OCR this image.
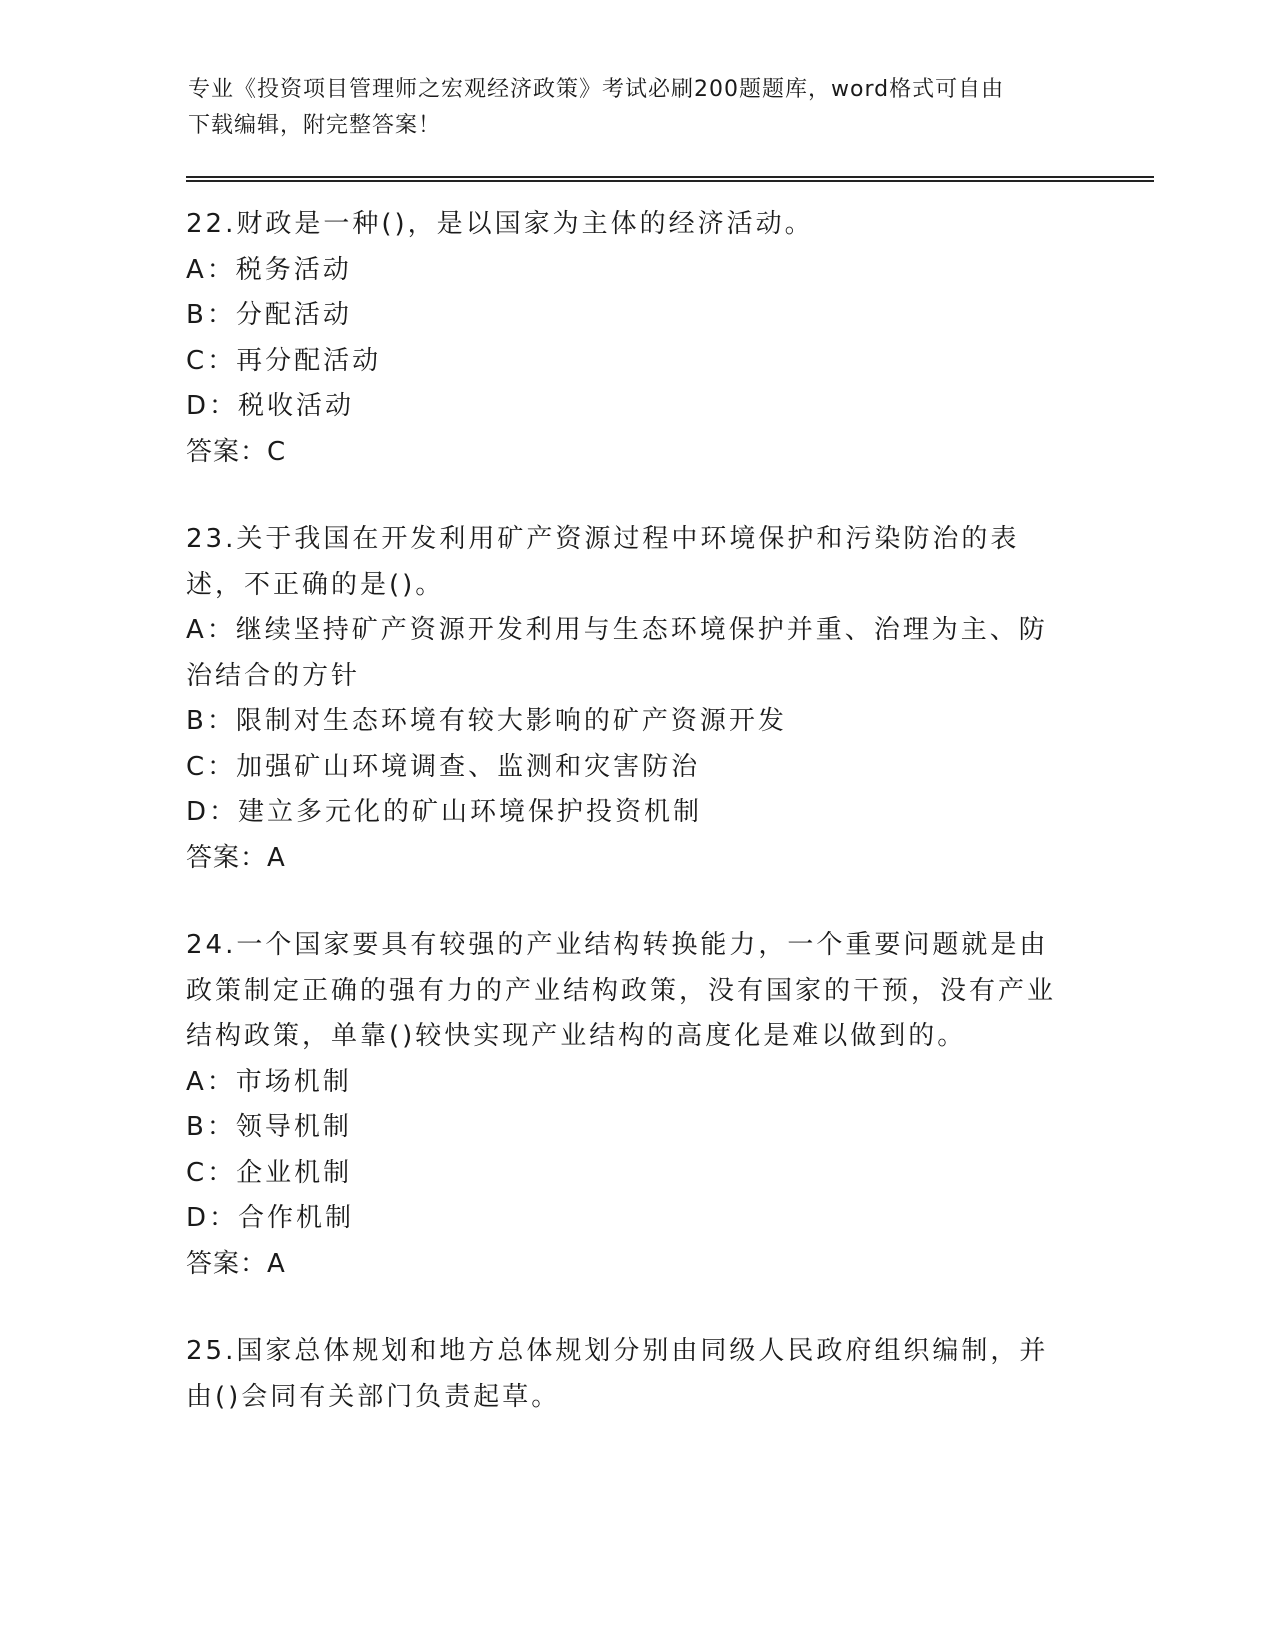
专业《投资项目管理师之宏观经济政策》考试必刷200题题库，word格式可自由
下载编辑，附完整答案！

22.财政是一种()，是以国家为主体的经济活动。

A：税务活动

B：分配活动

C：再分配活动

D：税收活动

答案：C

23.关于我国在开发利用矿产资源过程中环境保护和污染防治的表述，不正确的是()。

A：继续坚持矿产资源开发利用与生态环境保护并重、治理为主、防治结合的方针

B：限制对生态环境有较大影响的矿产资源开发

C：加强矿山环境调查、监测和灾害防治

D：建立多元化的矿山环境保护投资机制

答案：A

24.一个国家要具有较强的产业结构转换能力，一个重要问题就是由政策制定正确的强有力的产业结构政策，没有国家的干预，没有产业结构政策，单靠()较快实现产业结构的高度化是难以做到的。

A：市场机制

B：领导机制

C：企业机制

D：合作机制

答案：A

25.国家总体规划和地方总体规划分别由同级人民政府组织编制，并由()会同有关部门负责起草。
